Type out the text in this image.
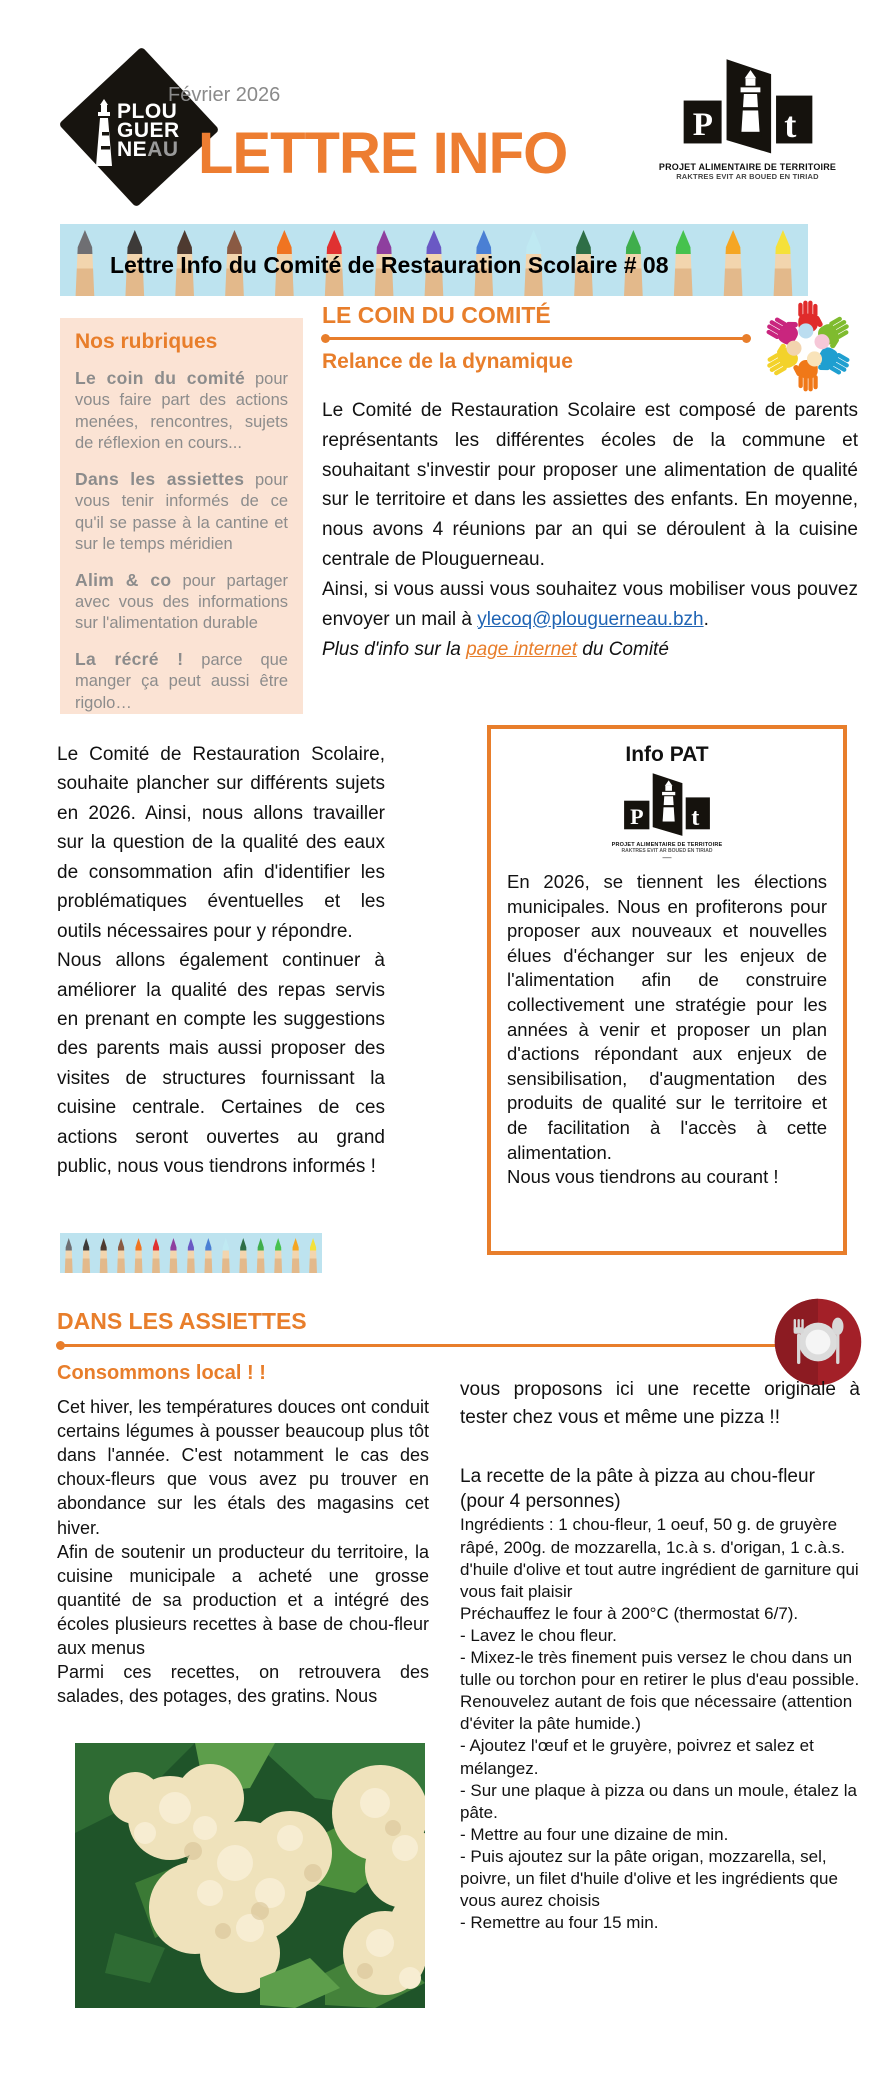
PLOU
GUER
NEAU
Février 2026
LETTRE INFO	PROJET ALIMENTAIRE DE TERRITOIRE
RAKTRES EVIT AR BOUED EN TIRIAD
Lettre Info du Comité de Restauration Scolaire # 08
Nos rubriques
Le coin du comité pour vous faire part des actions menées, rencontres, sujets de réflexion en cours...
Dans les assiettes pour vous tenir informés de ce qu'il se passe à la cantine et sur le temps méridien
Alim & co pour partager avec vous des informations sur l'alimentation durable
La récré ! parce que manger ça peut aussi être rigolo…
LE COIN DU COMITÉ
Relance de la dynamique

Le Comité de Restauration Scolaire est composé de parents représentants les différentes écoles de la commune et souhaitant s'investir pour proposer une alimentation de qualité sur le territoire et dans les assiettes des enfants. En moyenne, nous avons 4 réunions par an qui se déroulent à la cuisine centrale de Plouguerneau.

Ainsi, si vous aussi vous souhaitez vous mobiliser vous pouvez envoyer un mail à ylecoq@plouguerneau.bzh.

Plus d'info sur la page internet du Comité

Le Comité de Restauration Scolaire, souhaite plancher sur différents sujets en 2026. Ainsi, nous allons travailler sur la question de la qualité des eaux de consommation afin d'identifier les problématiques éventuelles et les outils nécessaires pour y répondre.

Nous allons également continuer à améliorer la qualité des repas servis en prenant en compte les suggestions des parents mais aussi proposer des visites de structures fournissant la cuisine centrale. Certaines de ces actions seront ouvertes au grand public, nous vous tiendrons informés !

Info PAT
PROJET ALIMENTAIRE DE TERRITOIRE
RAKTRES EVIT AR BOUED EN TIRIAD
—

En 2026, se tiennent les élections municipales. Nous en profiterons pour proposer aux nouveaux et nouvelles élues d'échanger sur les enjeux de l'alimentation afin de construire collectivement une stratégie pour les années à venir et proposer un plan d'actions répondant aux enjeux de sensibilisation, d'augmentation des produits de qualité sur le territoire et de facilitation à l'accès à cette alimentation.

Nous vous tiendrons au courant !

DANS LES ASSIETTES
Consommons local ! !

Cet hiver, les températures douces ont conduit certains légumes à pousser beaucoup plus tôt dans l'année. C'est notamment le cas des choux-fleurs que vous avez pu trouver en abondance sur les étals des magasins cet hiver.

Afin de soutenir un producteur du territoire, la cuisine municipale a acheté une grosse quantité de sa production et a intégré des écoles plusieurs recettes à base de chou-fleur aux menus

Parmi ces recettes, on retrouvera des salades, des potages, des gratins. Nous

vous proposons ici une recette originale à tester chez vous et même une pizza !!

La recette de la pâte à pizza au chou-fleur (pour 4 personnes)

Ingrédients : 1 chou-fleur, 1 oeuf, 50 g. de gruyère râpé, 200g. de mozzarella, 1c.à s. d'origan, 1 c.à.s. d'huile d'olive et tout autre ingrédient de garniture qui vous fait plaisir

Préchauffez le four à 200°C (thermostat 6/7).

- Lavez le chou fleur.

- Mixez-le très finement puis versez le chou dans un tulle ou torchon pour en retirer le plus d'eau possible. Renouvelez autant de fois que nécessaire (attention d'éviter la pâte humide.)

- Ajoutez l'œuf et le gruyère, poivrez et salez et mélangez.

- Sur une plaque à pizza ou dans un moule, étalez la pâte.

- Mettre au four une dizaine de min.

- Puis ajoutez sur la pâte origan, mozzarella, sel, poivre, un filet d'huile d'olive et les ingrédients que vous aurez choisis

- Remettre au four 15 min.
